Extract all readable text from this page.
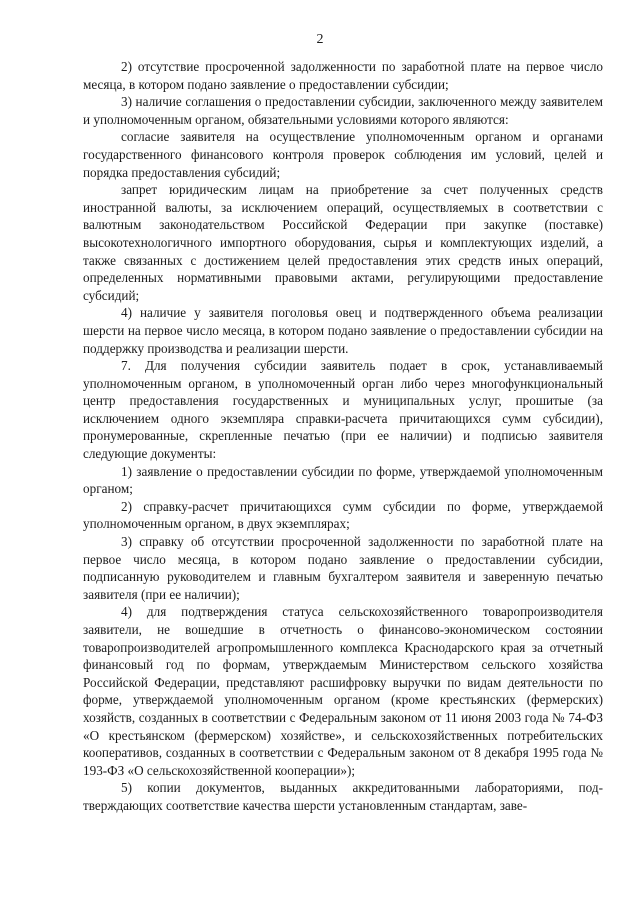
2

2) отсутствие просроченной задолженности по заработной плате на первое число месяца, в котором подано заявление о предоставлении субсидии;

3) наличие соглашения о предоставлении субсидии, заключенного между заявителем и уполномоченным органом, обязательными условиями которого являются:

согласие заявителя на осуществление уполномоченным органом и органами государственного финансового контроля проверок соблюдения им условий, целей и порядка предоставления субсидий;

запрет юридическим лицам на приобретение за счет полученных средств иностранной валюты, за исключением операций, осуществляемых в соответствии с валютным законодательством Российской Федерации при закупке (поставке) высокотехнологичного импортного оборудования, сырья и комплектующих изделий, а также связанных с достижением целей предоставления этих средств иных операций, определенных нормативными правовыми актами, регулирующими предоставление субсидий;

4) наличие у заявителя поголовья овец и подтвержденного объема реализации шерсти на первое число месяца, в котором подано заявление о предоставлении субсидии на поддержку производства и реализации шерсти.

7. Для получения субсидии заявитель подает в срок, устанавливаемый уполномоченным органом, в уполномоченный орган либо через многофункциональный центр предоставления государственных и муниципальных услуг, прошитые (за исключением одного экземпляра справки-расчета причитающихся сумм субсидии), пронумерованные, скрепленные печатью (при ее наличии) и подписью заявителя следующие документы:

1) заявление о предоставлении субсидии по форме, утверждаемой уполномоченным органом;

2) справку-расчет причитающихся сумм субсидии по форме, утверждаемой уполномоченным органом, в двух экземплярах;

3) справку об отсутствии просроченной задолженности по заработной плате на первое число месяца, в котором подано заявление о предоставлении субсидии, подписанную руководителем и главным бухгалтером заявителя и заверенную печатью заявителя (при ее наличии);

4) для подтверждения статуса сельскохозяйственного товаропроизводителя заявители, не вошедшие в отчетность о финансово-экономическом состоянии товаропроизводителей агропромышленного комплекса Краснодарского края за отчетный финансовый год по формам, утверждаемым Министерством сельского хозяйства Российской Федерации, представляют расшифровку выручки по видам деятельности по форме, утверждаемой уполномоченным органом (кроме крестьянских (фермерских) хозяйств, созданных в соответствии с Федеральным законом от 11 июня 2003 года № 74-ФЗ «О крестьянском (фермерском) хозяйстве», и сельскохозяйственных потребительских кооперативов, созданных в соответствии с Федеральным законом от 8 декабря 1995 года № 193-ФЗ «О сельскохозяйственной кооперации»);

5) копии документов, выданных аккредитованными лабораториями, подтверждающих соответствие качества шерсти установленным стандартам, заве-
